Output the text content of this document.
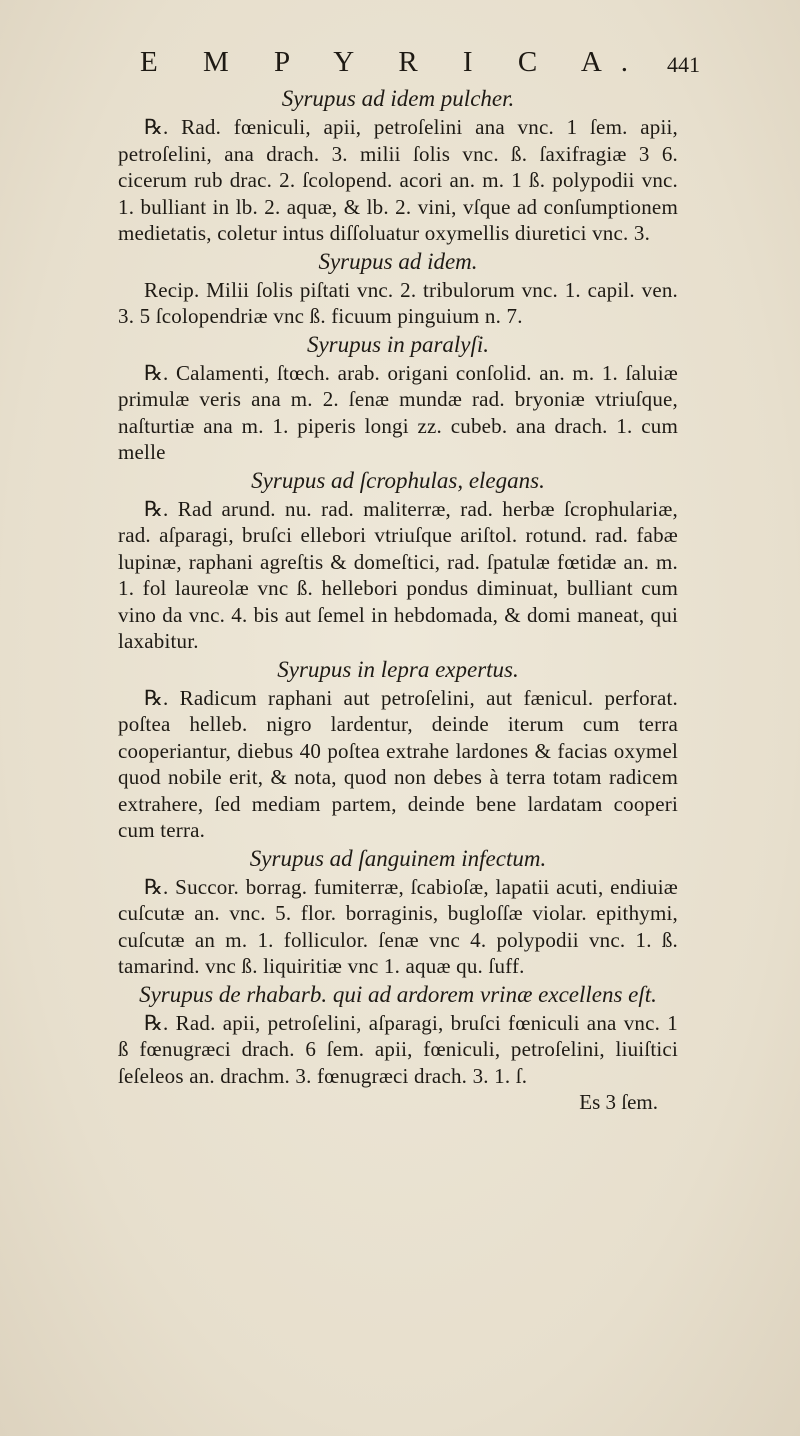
E M P Y R I C A. 441

Syrupus ad idem pulcher.

℞. Rad. fœniculi, apii, petroſelini ana vnc. 1 ſem. apii, petroſelini, ana drach. 3. milii ſolis vnc. ß. ſaxifragiæ 3 6. cicerum rub drac. 2. ſcolopend. acori an. m. 1 ß. polypodii vnc. 1. bulliant in lb. 2. aquæ, & lb. 2. vini, vſque ad conſumptionem medietatis, coletur intus diſſoluatur oxymellis diuretici vnc. 3.

Syrupus ad idem.

Recip. Milii ſolis piſtati vnc. 2. tribulorum vnc. 1. capil. ven. 3. 5 ſcolopendriæ vnc ß. ficuum pinguium n. 7.

Syrupus in paralyſi.

℞. Calamenti, ſtœch. arab. origani conſolid. an. m. 1. ſaluiæ primulæ veris ana m. 2. ſenæ mundæ rad. bryoniæ vtriuſque, naſturtiæ ana m. 1. piperis longi zz. cubeb. ana drach. 1. cum melle

Syrupus ad ſcrophulas, elegans.

℞. Rad arund. nu. rad. maliterræ, rad. herbæ ſcrophulariæ, rad. aſparagi, bruſci ellebori vtriuſque ariſtol. rotund. rad. fabæ lupinæ, raphani agreſtis & domeſtici, rad. ſpatulæ fœtidæ an. m. 1. fol laureolæ vnc ß. hellebori pondus diminuat, bulliant cum vino da vnc. 4. bis aut ſemel in hebdomada, & domi maneat, qui laxabitur.

Syrupus in lepra expertus.

℞. Radicum raphani aut petroſelini, aut fænicul. perforat. poſtea helleb. nigro lardentur, deinde iterum cum terra cooperiantur, diebus 40 poſtea extrahe lardones & facias oxymel quod nobile erit, & nota, quod non debes à terra totam radicem extrahere, ſed mediam partem, deinde bene lardatam cooperi cum terra.

Syrupus ad ſanguinem infectum.

℞. Succor. borrag. fumiterræ, ſcabioſæ, lapatii acuti, endiuiæ cuſcutæ an. vnc. 5. flor. borraginis, bugloſſæ violar. epithymi, cuſcutæ an m. 1. folliculor. ſenæ vnc 4. polypodii vnc. 1. ß. tamarind. vnc ß. liquiritiæ vnc 1. aquæ qu. ſuff.

Syrupus de rhabarb. qui ad ardorem vrinæ excellens eſt.

℞. Rad. apii, petroſelini, aſparagi, bruſci fœniculi ana vnc. 1 ß fœnugræci drach. 6 ſem. apii, fœniculi, petroſelini, liuiſtici ſeſeleos an. drachm. 3. fœnugræci drach. 3. 1. ſ.

Es 3 ſem.
